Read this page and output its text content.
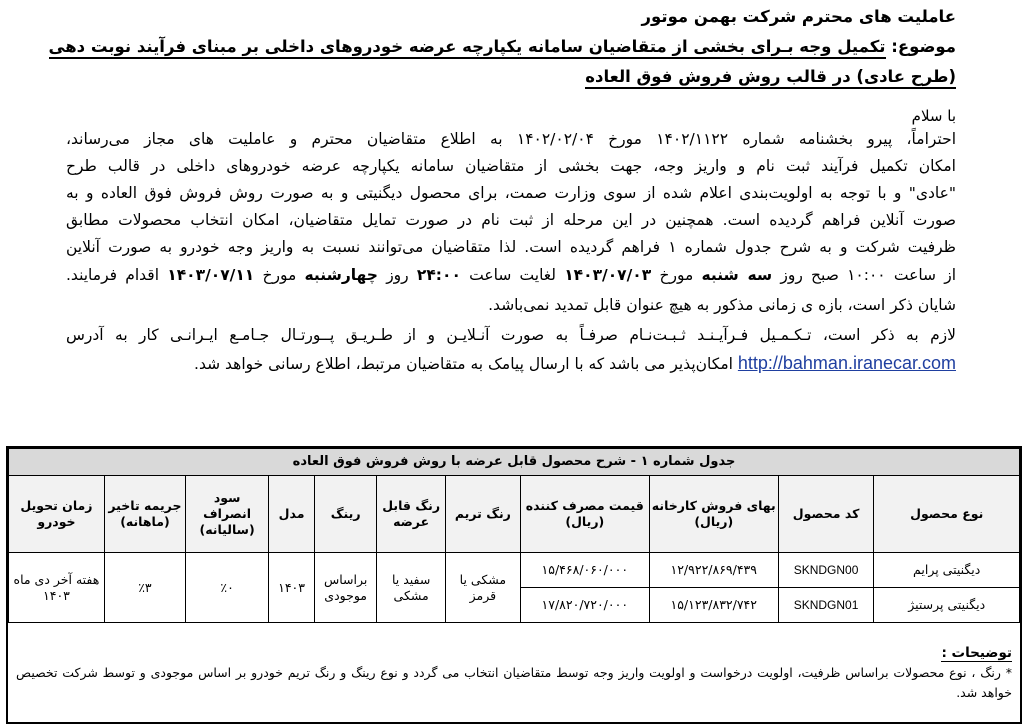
عاملیت های محترم شرکت بهمن موتور
موضوع: تکمیل وجه بـرای بخشی از متقاضیان سامانه یکپارچه عرضه خودروهای داخلی بر مبنای فرآیند نوبت دهی
(طرح عادی) در قالب روش فروش فوق العاده
با سلام
احتراماً، پیرو بخشنامه شماره ۱۴۰۲/۱۱۲۲ مورخ ۱۴۰۲/۰۲/۰۴ به اطلاع متقاضیان محترم و عاملیت های مجاز می‌رساند،
امکان تکمیل فرآیند ثبت نام و واریز وجه، جهت بخشی از متقاضیان سامانه یکپارچه عرضه خودروهای داخلی در قالب طرح
"عادی" و با توجه به اولویت‌بندی اعلام شده از سوی وزارت صمت، برای محصول دیگنیتی و به صورت روش فروش فوق العاده و به
صورت آنلاین فراهم گردیده است. همچنین در این مرحله از ثبت نام در صورت تمایل متقاضیان، امکان انتخاب محصولات مطابق
ظرفیت شرکت و به شرح جدول شماره ۱ فراهم گردیده است. لذا متقاضیان می‌توانند نسبت به واریز وجه خودرو به صورت آنلاین
از ساعت ۱۰:۰۰ صبح روز سه شنبه مورخ ۱۴۰۳/۰۷/۰۳ لغایت ساعت ۲۴:۰۰ روز چهارشنبه مورخ ۱۴۰۳/۰۷/۱۱ اقدام فرمایند.
شایان ذکر است، بازه ی زمانی مذکور به هیچ عنوان قابل تمدید نمی‌باشد.
لازم به ذکر است، تـکـمـیل فـرآیـنـد ثـبـت‌نـام صرفـاً به صورت آنـلایـن و از طـریـق پــورتـال جـامـع ایـرانـی کار به آدرس
http://bahman.iranecar.com امکان‌پذیر می باشد که با ارسال پیامک به متقاضیان مرتبط، اطلاع رسانی خواهد شد.
جدول شماره ۱ - شرح محصول قابل عرضه با روش فروش فوق العاده										
نوع محصول	کد محصول	بهای فروش کارخانه (ریال)	قیمت مصرف کننده (ریال)	رنگ تریم	رنگ قابل عرضه	رینگ	مدل	سود انصراف (سالیانه)	جریمه تاخیر (ماهانه)	زمان تحویل خودرو
دیگنیتی پرایم	SKNDGN00	۱۲/۹۲۲/۸۶۹/۴۳۹	۱۵/۴۶۸/۰۶۰/۰۰۰	مشکی یا قرمز	سفید یا مشکی	براساس موجودی	۱۴۰۳	٪۰	٪۳	هفته آخر دی ماه ۱۴۰۳
دیگنیتی پرستیژ	SKNDGN01	۱۵/۱۲۳/۸۳۲/۷۴۲	۱۷/۸۲۰/۷۲۰/۰۰۰							
توضیحات :
* رنگ ، نوع محصولات براساس ظرفیت، اولویت درخواست و اولویت واریز وجه توسط متقاضیان انتخاب می گردد و نوع رینگ و رنگ تریم خودرو بر اساس موجودی و توسط شرکت تخصیص خواهد شد.
